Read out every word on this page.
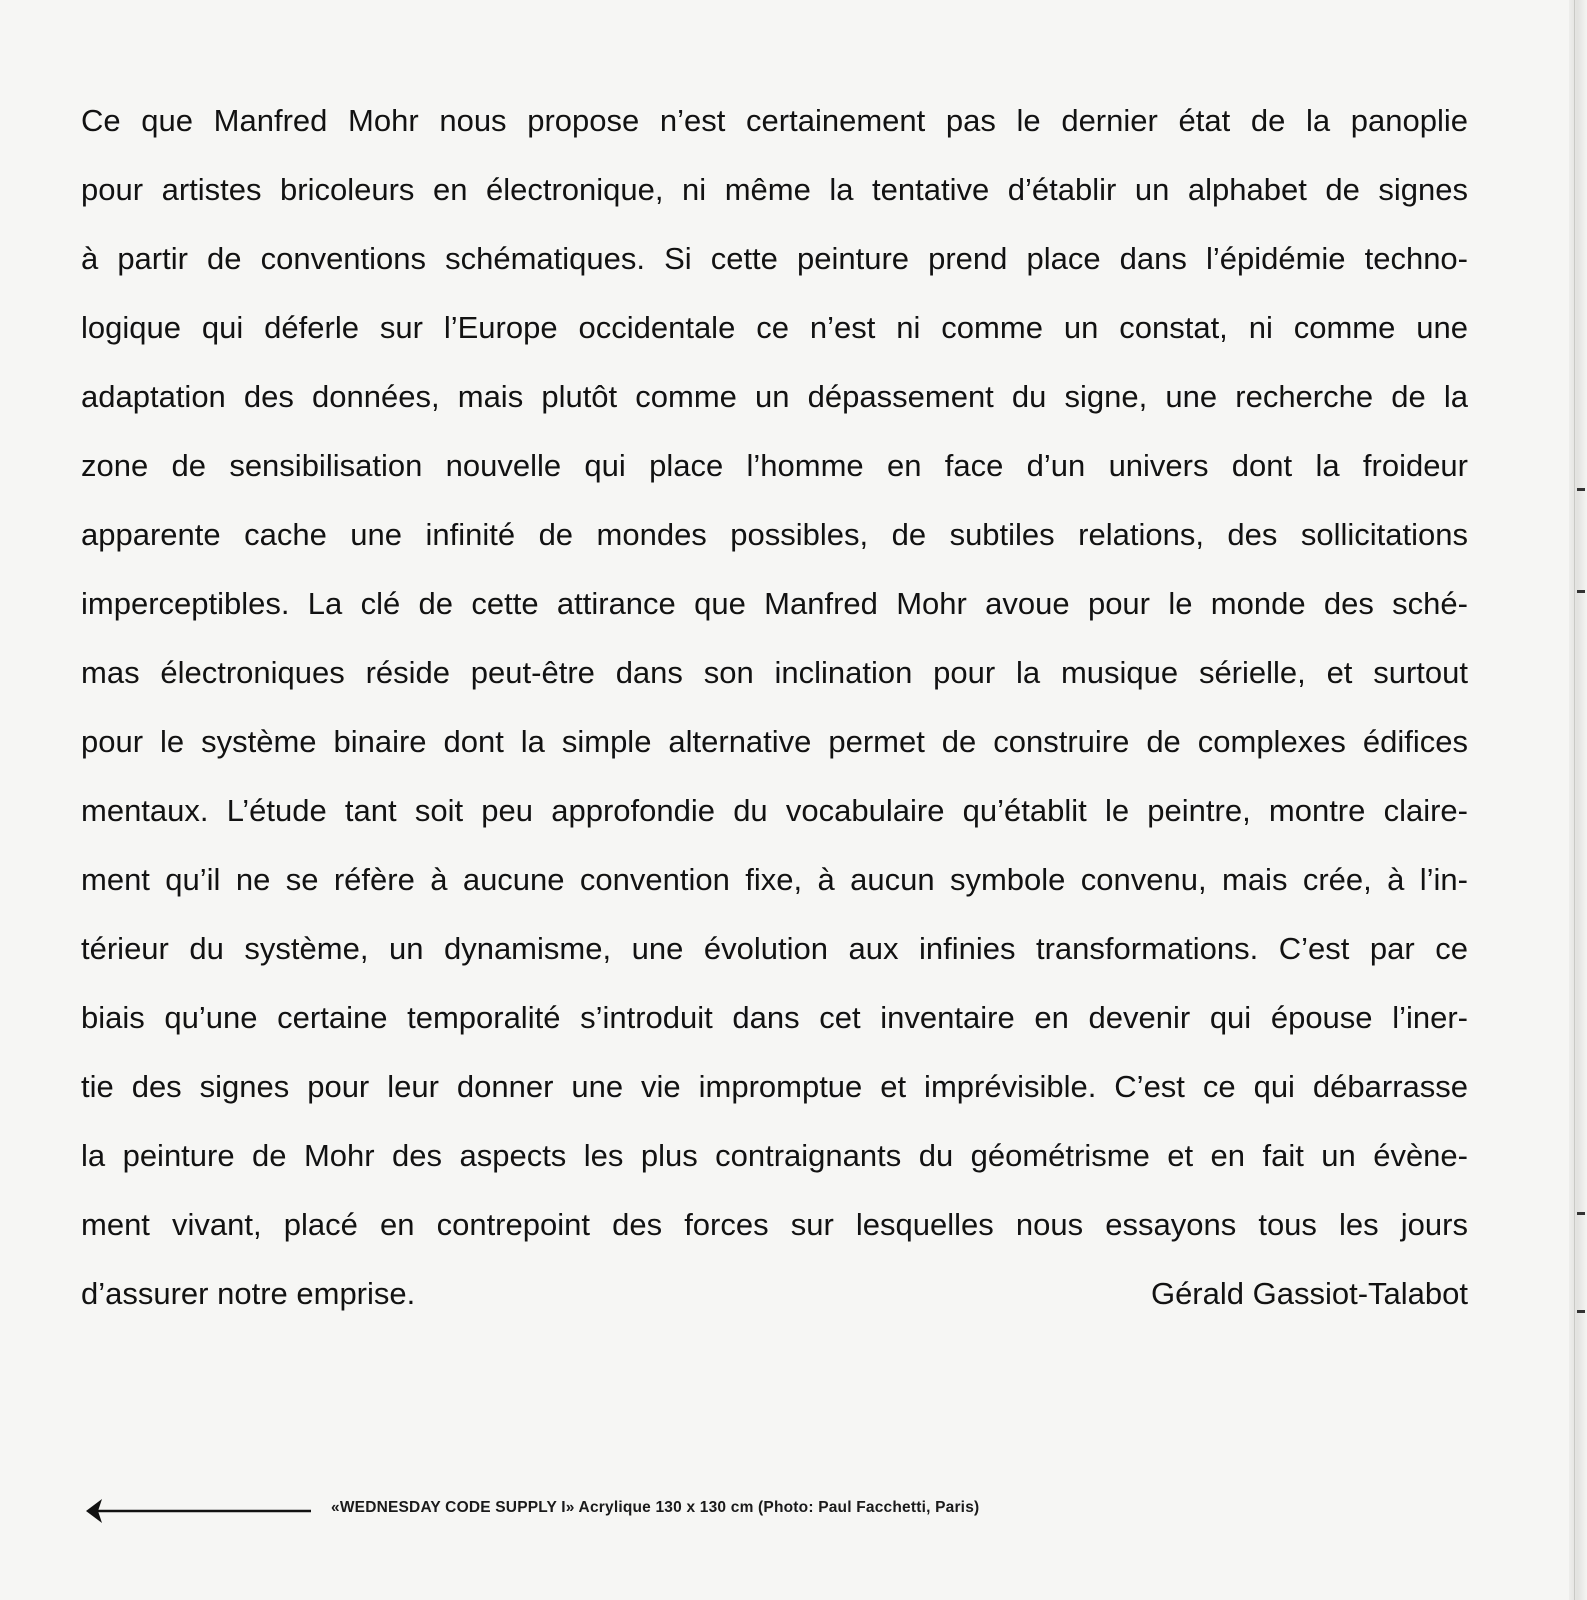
Ce que Manfred Mohr nous propose n’est certainement pas le dernier état de la panoplie
pour artistes bricoleurs en électronique, ni même la tentative d’établir un alphabet de signes
à partir de conventions schématiques. Si cette peinture prend place dans l’épidémie techno-
logique qui déferle sur l’Europe occidentale ce n’est ni comme un constat, ni comme une
adaptation des données, mais plutôt comme un dépassement du signe, une recherche de la
zone de sensibilisation nouvelle qui place l’homme en face d’un univers dont la froideur
apparente cache une infinité de mondes possibles, de subtiles relations, des sollicitations
imperceptibles. La clé de cette attirance que Manfred Mohr avoue pour le monde des sché-
mas électroniques réside peut-être dans son inclination pour la musique sérielle, et surtout
pour le système binaire dont la simple alternative permet de construire de complexes édifices
mentaux. L’étude tant soit peu approfondie du vocabulaire qu’établit le peintre, montre claire-
ment qu’il ne se réfère à aucune convention fixe, à aucun symbole convenu, mais crée, à l’in-
térieur du système, un dynamisme, une évolution aux infinies transformations. C’est par ce
biais qu’une certaine temporalité s’introduit dans cet inventaire en devenir qui épouse l’iner-
tie des signes pour leur donner une vie impromptue et imprévisible. C’est ce qui débarrasse
la peinture de Mohr des aspects les plus contraignants du géométrisme et en fait un évène-
ment vivant, placé en contrepoint des forces sur lesquelles nous essayons tous les jours
d’assurer notre emprise.	Gérald Gassiot-Talabot
«WEDNESDAY CODE SUPPLY I» Acrylique 130 x 130 cm (Photo: Paul Facchetti, Paris)
